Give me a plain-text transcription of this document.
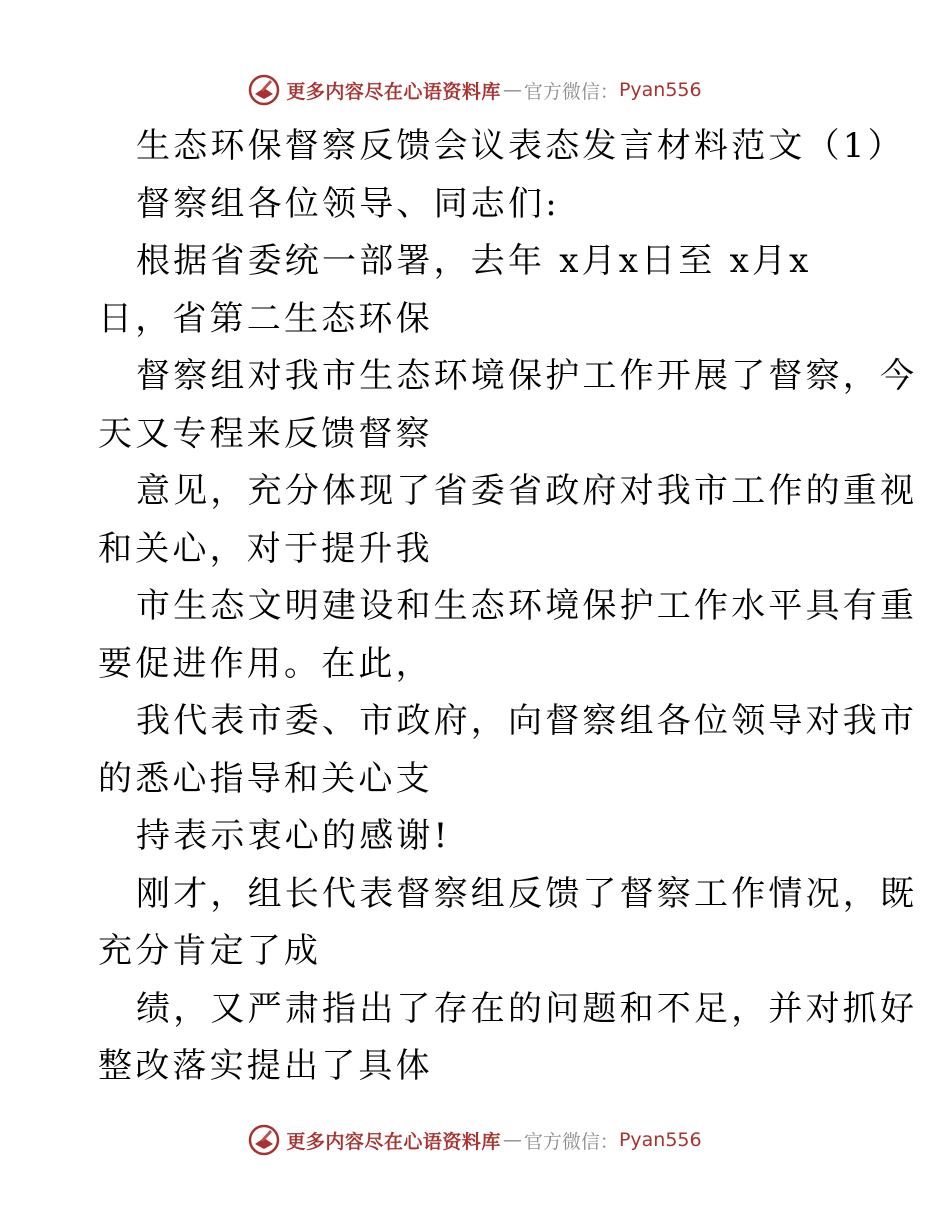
更多内容尽在心语资料库 — 官方微信： Pyan556
生态环保督察反馈会议表态发言材料范文（1）
督察组各位领导、同志们:
根据省委统一部署，去年 x月x日至 x月x
日，省第二生态环保
督察组对我市生态环境保护工作开展了督察，今
天又专程来反馈督察
意见，充分体现了省委省政府对我市工作的重视
和关心，对于提升我
市生态文明建设和生态环境保护工作水平具有重
要促进作用。在此，
我代表市委、市政府，向督察组各位领导对我市
的悉心指导和关心支
持表示衷心的感谢!
刚才，组长代表督察组反馈了督察工作情况，既
充分肯定了成
绩，又严肃指出了存在的问题和不足，并对抓好
整改落实提出了具体
更多内容尽在心语资料库 — 官方微信： Pyan556
